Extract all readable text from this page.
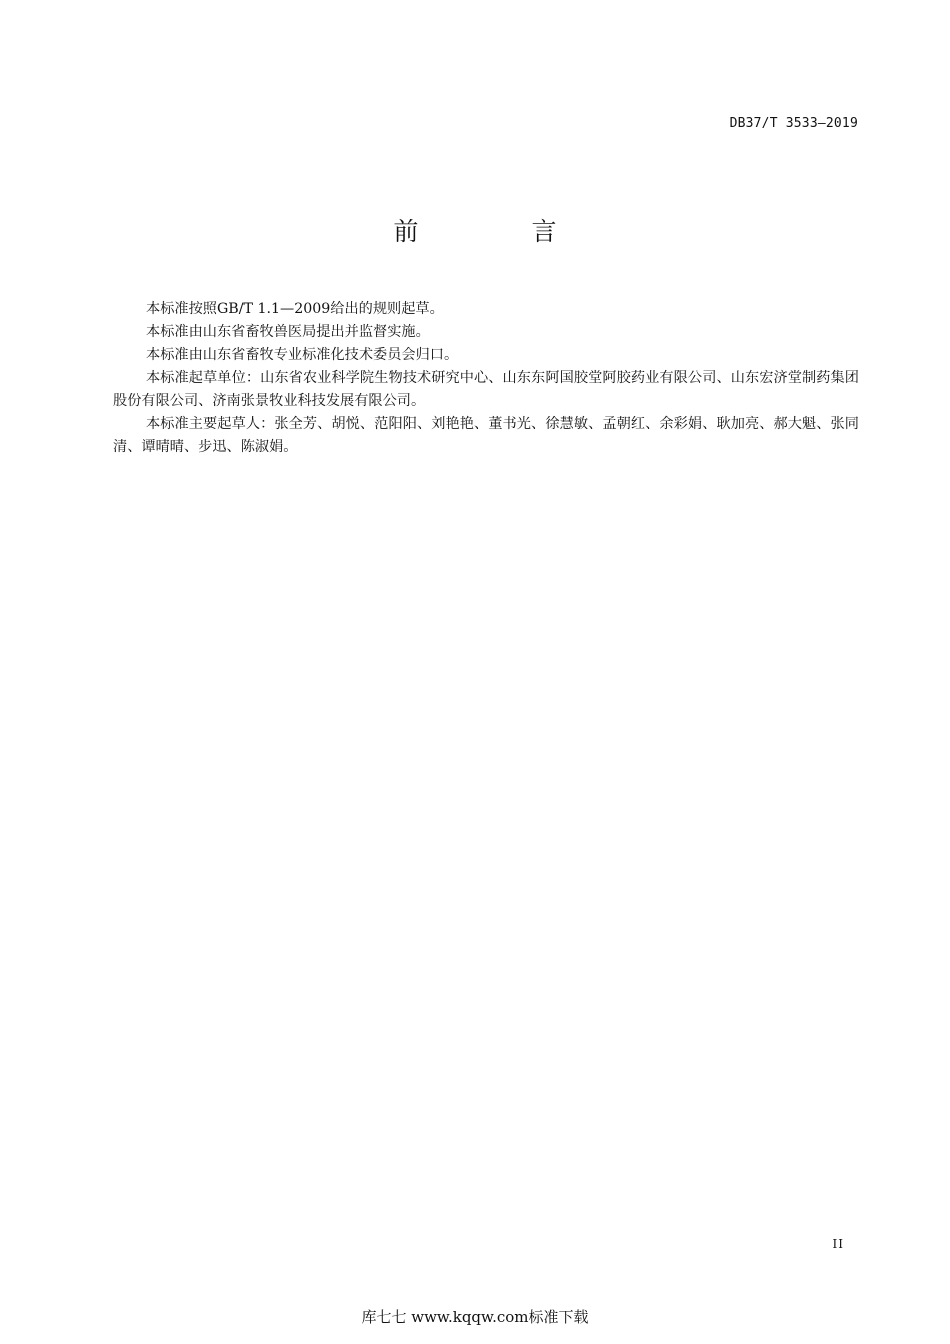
DB37/T 3533—2019
前　言

本标准按照GB/T 1.1—2009给出的规则起草。

本标准由山东省畜牧兽医局提出并监督实施。

本标准由山东省畜牧专业标准化技术委员会归口。

本标准起草单位：山东省农业科学院生物技术研究中心、山东东阿国胶堂阿胶药业有限公司、山东宏济堂制药集团股份有限公司、济南张景牧业科技发展有限公司。

本标准主要起草人：张全芳、胡悦、范阳阳、刘艳艳、董书光、徐慧敏、孟朝红、余彩娟、耿加亮、郝大魁、张同清、谭晴晴、步迅、陈淑娟。

II
库七七 www.kqqw.com标准下载
